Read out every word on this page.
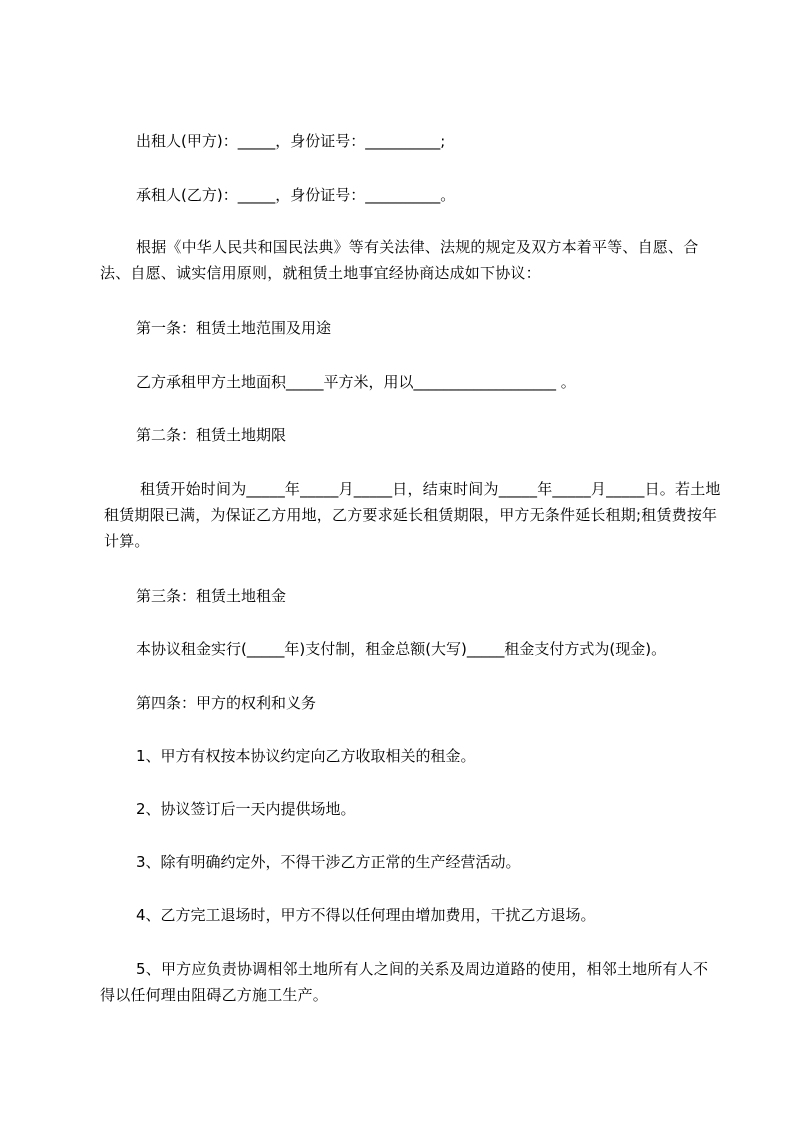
出租人(甲方)：_____，身份证号：__________;

承租人(乙方)：_____，身份证号：__________。

根据《中华人民共和国民法典》等有关法律、法规的规定及双方本着平等、自愿、合法、自愿、诚实信用原则，就租赁土地事宜经协商达成如下协议：

第一条：租赁土地范围及用途

乙方承租甲方土地面积_____平方米，用以___________________ 。

第二条：租赁土地期限

租赁开始时间为_____年_____月_____日，结束时间为_____年_____月_____日。若土地租赁期限已满，为保证乙方用地，乙方要求延长租赁期限，甲方无条件延长租期;租赁费按年计算。

第三条：租赁土地租金

本协议租金实行(_____年)支付制，租金总额(大写)_____租金支付方式为(现金)。

第四条：甲方的权利和义务

1、甲方有权按本协议约定向乙方收取相关的租金。

2、协议签订后一天内提供场地。

3、除有明确约定外，不得干涉乙方正常的生产经营活动。

4、乙方完工退场时，甲方不得以任何理由增加费用，干扰乙方退场。

5、甲方应负责协调相邻土地所有人之间的关系及周边道路的使用，相邻土地所有人不得以任何理由阻碍乙方施工生产。
